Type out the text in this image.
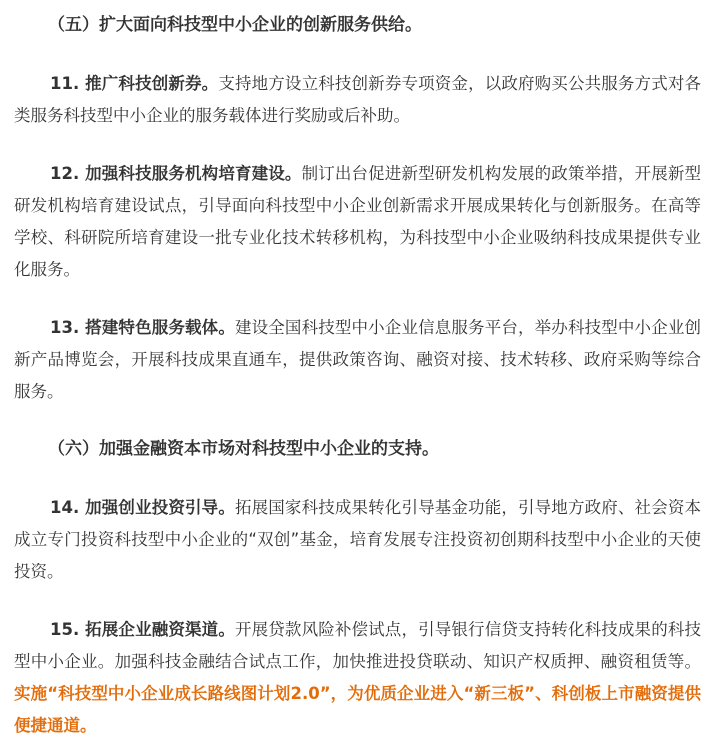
（五）扩大面向科技型中小企业的创新服务供给。

11. 推广科技创新券。支持地方设立科技创新券专项资金，以政府购买公共服务方式对各类服务科技型中小企业的服务载体进行奖励或后补助。

12. 加强科技服务机构培育建设。制订出台促进新型研发机构发展的政策举措，开展新型研发机构培育建设试点，引导面向科技型中小企业创新需求开展成果转化与创新服务。在高等学校、科研院所培育建设一批专业化技术转移机构，为科技型中小企业吸纳科技成果提供专业化服务。

13. 搭建特色服务载体。建设全国科技型中小企业信息服务平台，举办科技型中小企业创新产品博览会，开展科技成果直通车，提供政策咨询、融资对接、技术转移、政府采购等综合服务。

（六）加强金融资本市场对科技型中小企业的支持。

14. 加强创业投资引导。拓展国家科技成果转化引导基金功能，引导地方政府、社会资本成立专门投资科技型中小企业的“双创”基金，培育发展专注投资初创期科技型中小企业的天使投资。

15. 拓展企业融资渠道。开展贷款风险补偿试点，引导银行信贷支持转化科技成果的科技型中小企业。加强科技金融结合试点工作，加快推进投贷联动、知识产权质押、融资租赁等。实施“科技型中小企业成长路线图计划2.0”，为优质企业进入“新三板”、科创板上市融资提供便捷通道。
